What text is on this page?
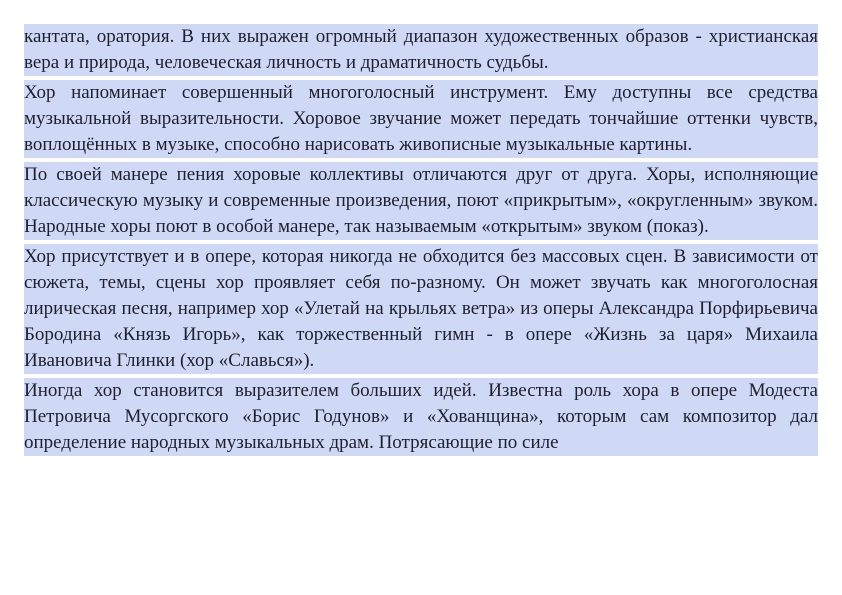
кантата, оратория. В них выражен огромный диапазон художественных образов - христианская вера и природа, человеческая личность и драматичность судьбы.

Хор напоминает совершенный многоголосный инструмент. Ему доступны все средства музыкальной выразительности. Хоровое звучание может передать тончайшие оттенки чувств, воплощённых в музыке, способно нарисовать живописные музыкальные картины.

По своей манере пения хоровые коллективы отличаются друг от друга. Хоры, исполняющие классическую музыку и современные произведения, поют «прикрытым», «округленным» звуком. Народные хоры поют в особой манере, так называемым «открытым» звуком (показ).

Хор присутствует и в опере, которая никогда не обходится без массовых сцен. В зависимости от сюжета, темы, сцены хор проявляет себя по-разному. Он может звучать как многоголосная лирическая песня, например хор «Улетай на крыльях ветра» из оперы Александра Порфирьевича Бородина «Князь Игорь», как торжественный гимн - в опере «Жизнь за царя» Михаила Ивановича Глинки (хор «Славься»).

Иногда хор становится выразителем больших идей. Известна роль хора в опере Модеста Петровича Мусоргского «Борис Годунов» и «Хованщина», которым сам композитор дал определение народных музыкальных драм. Потрясающие по силе
